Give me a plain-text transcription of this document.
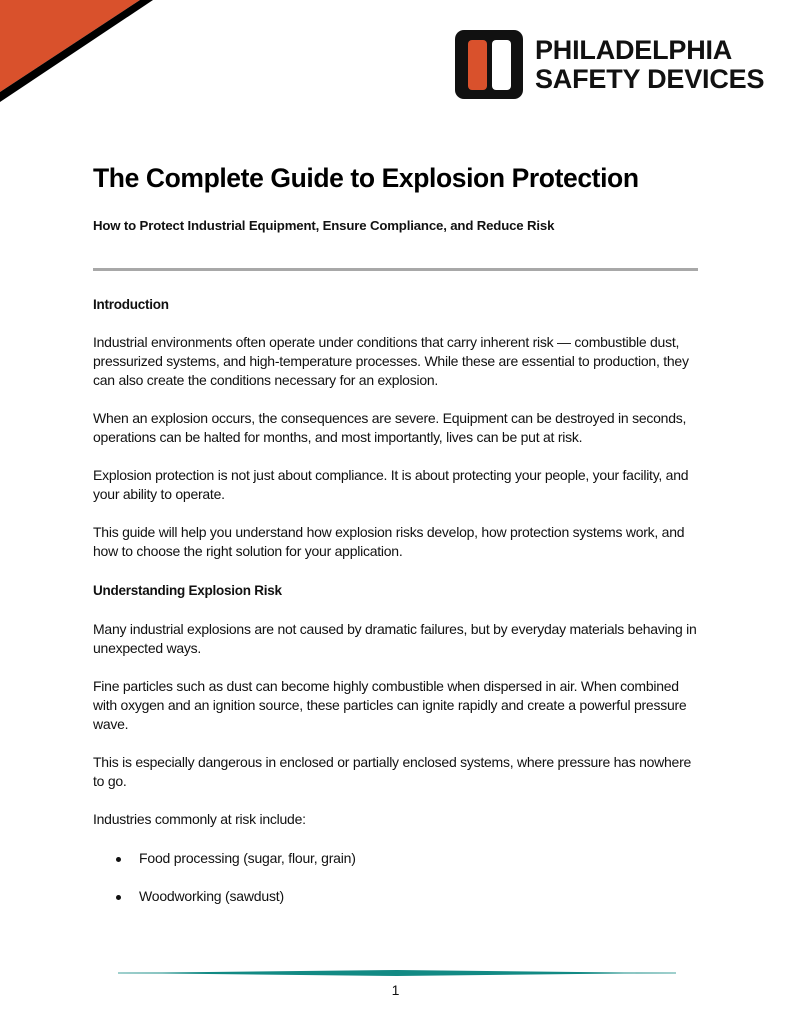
PHILADELPHIA
SAFETY DEVICES
The Complete Guide to Explosion Protection
How to Protect Industrial Equipment, Ensure Compliance, and Reduce Risk
Introduction

Industrial environments often operate under conditions that carry inherent risk — combustible dust, pressurized systems, and high-temperature processes. While these are essential to production, they can also create the conditions necessary for an explosion.

When an explosion occurs, the consequences are severe. Equipment can be destroyed in seconds, operations can be halted for months, and most importantly, lives can be put at risk.

Explosion protection is not just about compliance. It is about protecting your people, your facility, and your ability to operate.

This guide will help you understand how explosion risks develop, how protection systems work, and how to choose the right solution for your application.

Understanding Explosion Risk

Many industrial explosions are not caused by dramatic failures, but by everyday materials behaving in unexpected ways.

Fine particles such as dust can become highly combustible when dispersed in air. When combined with oxygen and an ignition source, these particles can ignite rapidly and create a powerful pressure wave.

This is especially dangerous in enclosed or partially enclosed systems, where pressure has nowhere to go.

Industries commonly at risk include:

Food processing (sugar, flour, grain)
Woodworking (sawdust)
1
